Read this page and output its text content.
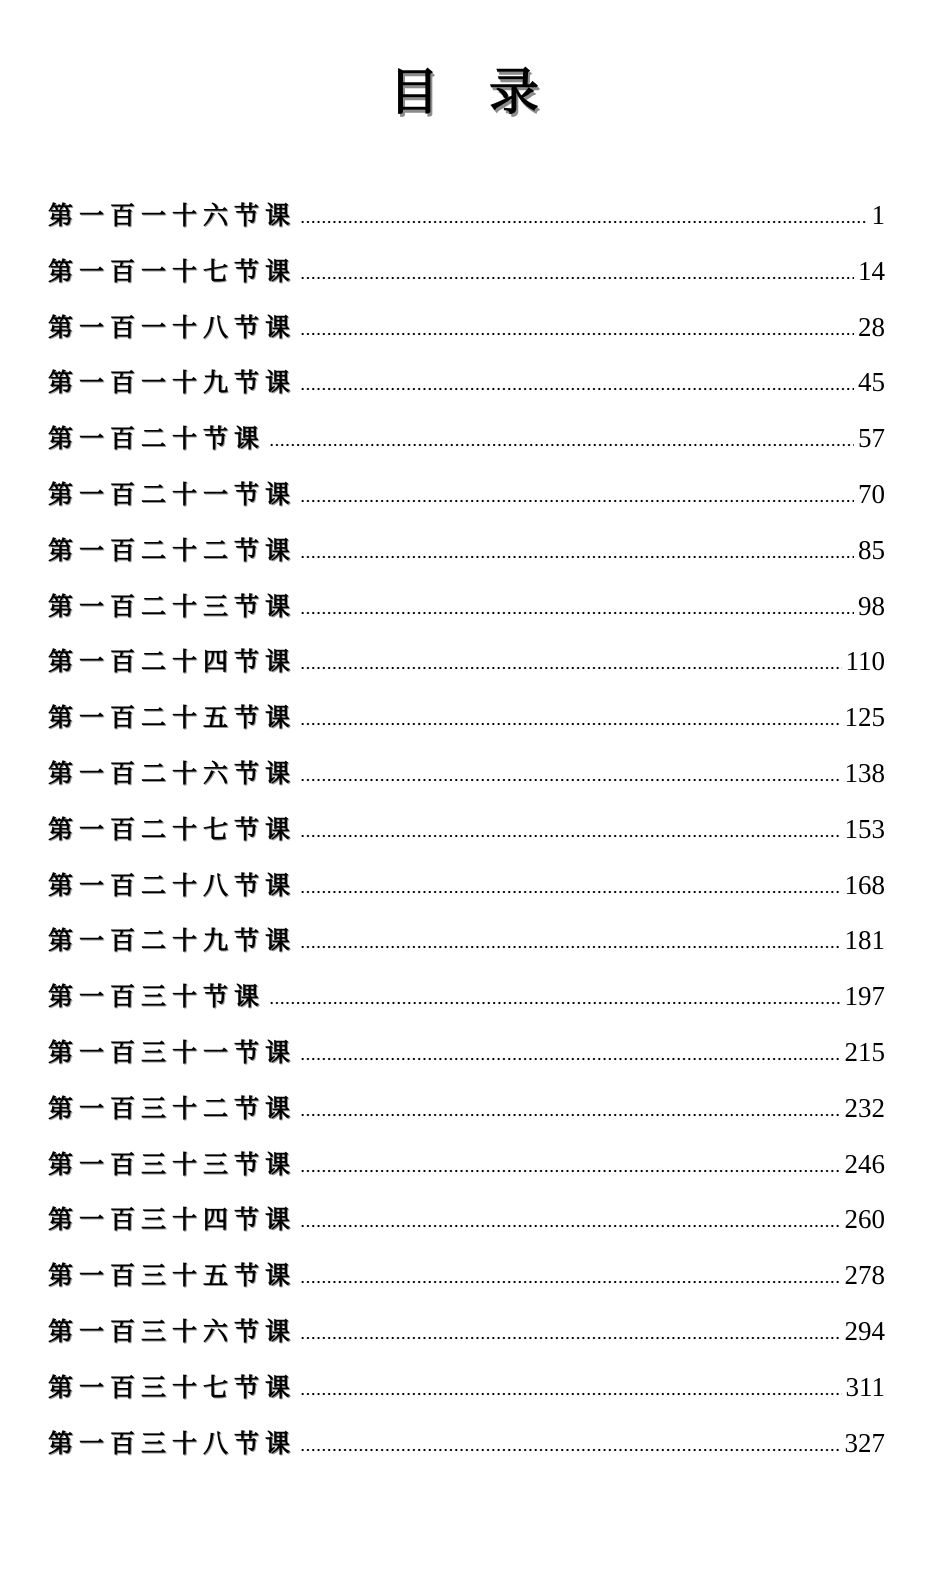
目　录
第一百一十六节课	1
第一百一十七节课	14
第一百一十八节课	28
第一百一十九节课	45
第一百二十节课	57
第一百二十一节课	70
第一百二十二节课	85
第一百二十三节课	98
第一百二十四节课	110
第一百二十五节课	125
第一百二十六节课	138
第一百二十七节课	153
第一百二十八节课	168
第一百二十九节课	181
第一百三十节课	197
第一百三十一节课	215
第一百三十二节课	232
第一百三十三节课	246
第一百三十四节课	260
第一百三十五节课	278
第一百三十六节课	294
第一百三十七节课	311
第一百三十八节课	327
